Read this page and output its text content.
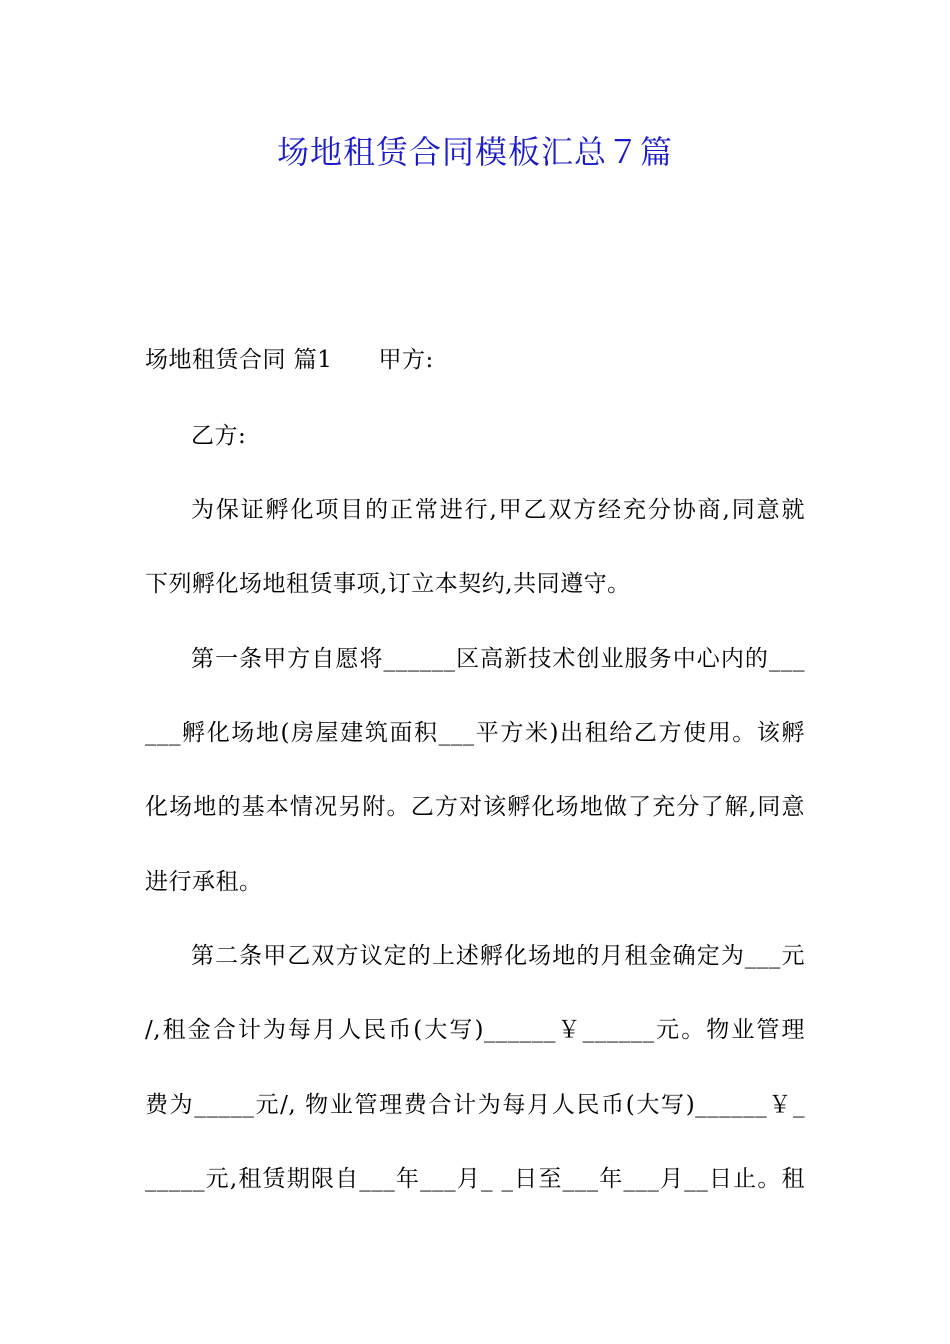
场地租赁合同模板汇总７篇
场地租赁合同 篇1 甲方:
乙方:
为保证孵化项目的正常进行,甲乙双方经充分协商,同意就
下列孵化场地租赁事项,订立本契约,共同遵守。
第一条甲方自愿将______区高新技术创业服务中心内的___
___孵化场地(房屋建筑面积___平方米)出租给乙方使用。该孵
化场地的基本情况另附。乙方对该孵化场地做了充分了解,同意
进行承租。
第二条甲乙双方议定的上述孵化场地的月租金确定为___元
/,租金合计为每月人民币(大写)______￥______元。物业管理
费为_____元/, 物业管理费合计为每月人民币(大写)______￥_
_____元,租赁期限自___年___月_ _日至___年___月__日止。租
